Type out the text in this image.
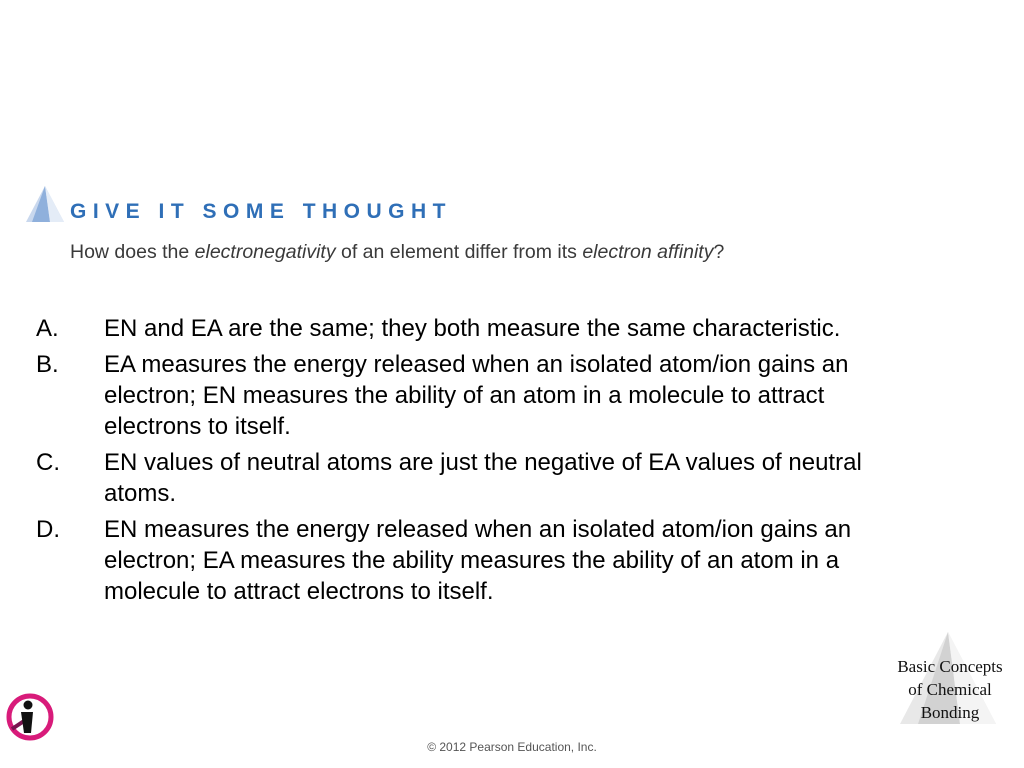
GIVE IT SOME THOUGHT

How does the electronegativity of an element differ from its electron affinity?

A.	EN and EA are the same; they both measure the same characteristic.
B.	EA measures the energy released when an isolated atom/ion gains an electron; EN measures the ability of an atom in a molecule to attract electrons to itself.
C.	EN values of neutral atoms are just the negative of EA values of neutral atoms.
D.	EN measures the energy released when an isolated atom/ion gains an electron; EA measures the ability measures the ability of an atom in a molecule to attract electrons to itself.
Basic Concepts
of Chemical
Bonding
© 2012 Pearson Education, Inc.
